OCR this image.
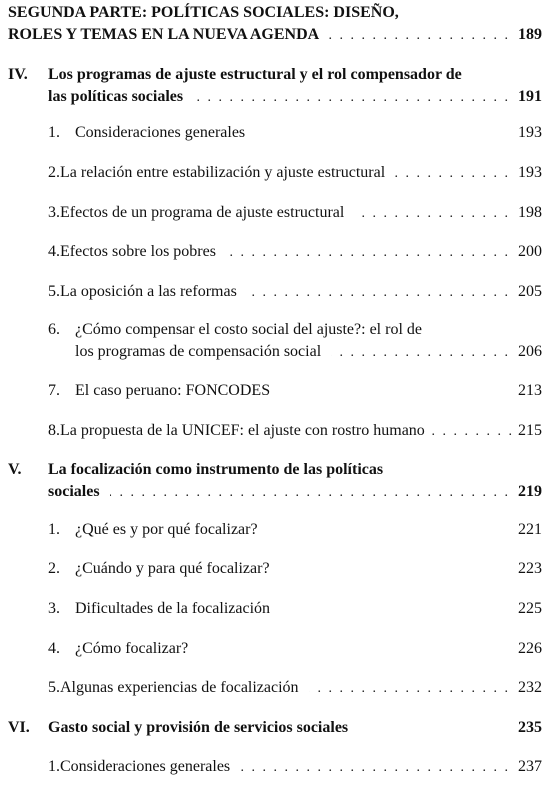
SEGUNDA PARTE: POLÍTICAS SOCIALES: DISEÑO,
ROLES Y TEMAS EN LA NUEVA AGENDA . . .	189
IV.	Los programas de ajuste estructural y el rol compensador de
las políticas sociales . . .	191
1. Consideraciones generales	193
2. La relación entre estabilización y ajuste estructural . . .	193
3. Efectos de un programa de ajuste estructural . . .	198
4. Efectos sobre los pobres . . .	200
5. La oposición a las reformas . . .	205
6. ¿Cómo compensar el costo social del ajuste?: el rol de
los programas de compensación social . . .	206
7. El caso peruano: FONCODES	213
8. La propuesta de la UNICEF: el ajuste con rostro humano . . .	215
V.	La focalización como instrumento de las políticas
sociales . . .	219
1. ¿Qué es y por qué focalizar?	221
2. ¿Cuándo y para qué focalizar?	223
3. Dificultades de la focalización	225
4. ¿Cómo focalizar?	226
5. Algunas experiencias de focalización . . .	232
VI.	Gasto social y provisión de servicios sociales	235
1. Consideraciones generales . . .	237
